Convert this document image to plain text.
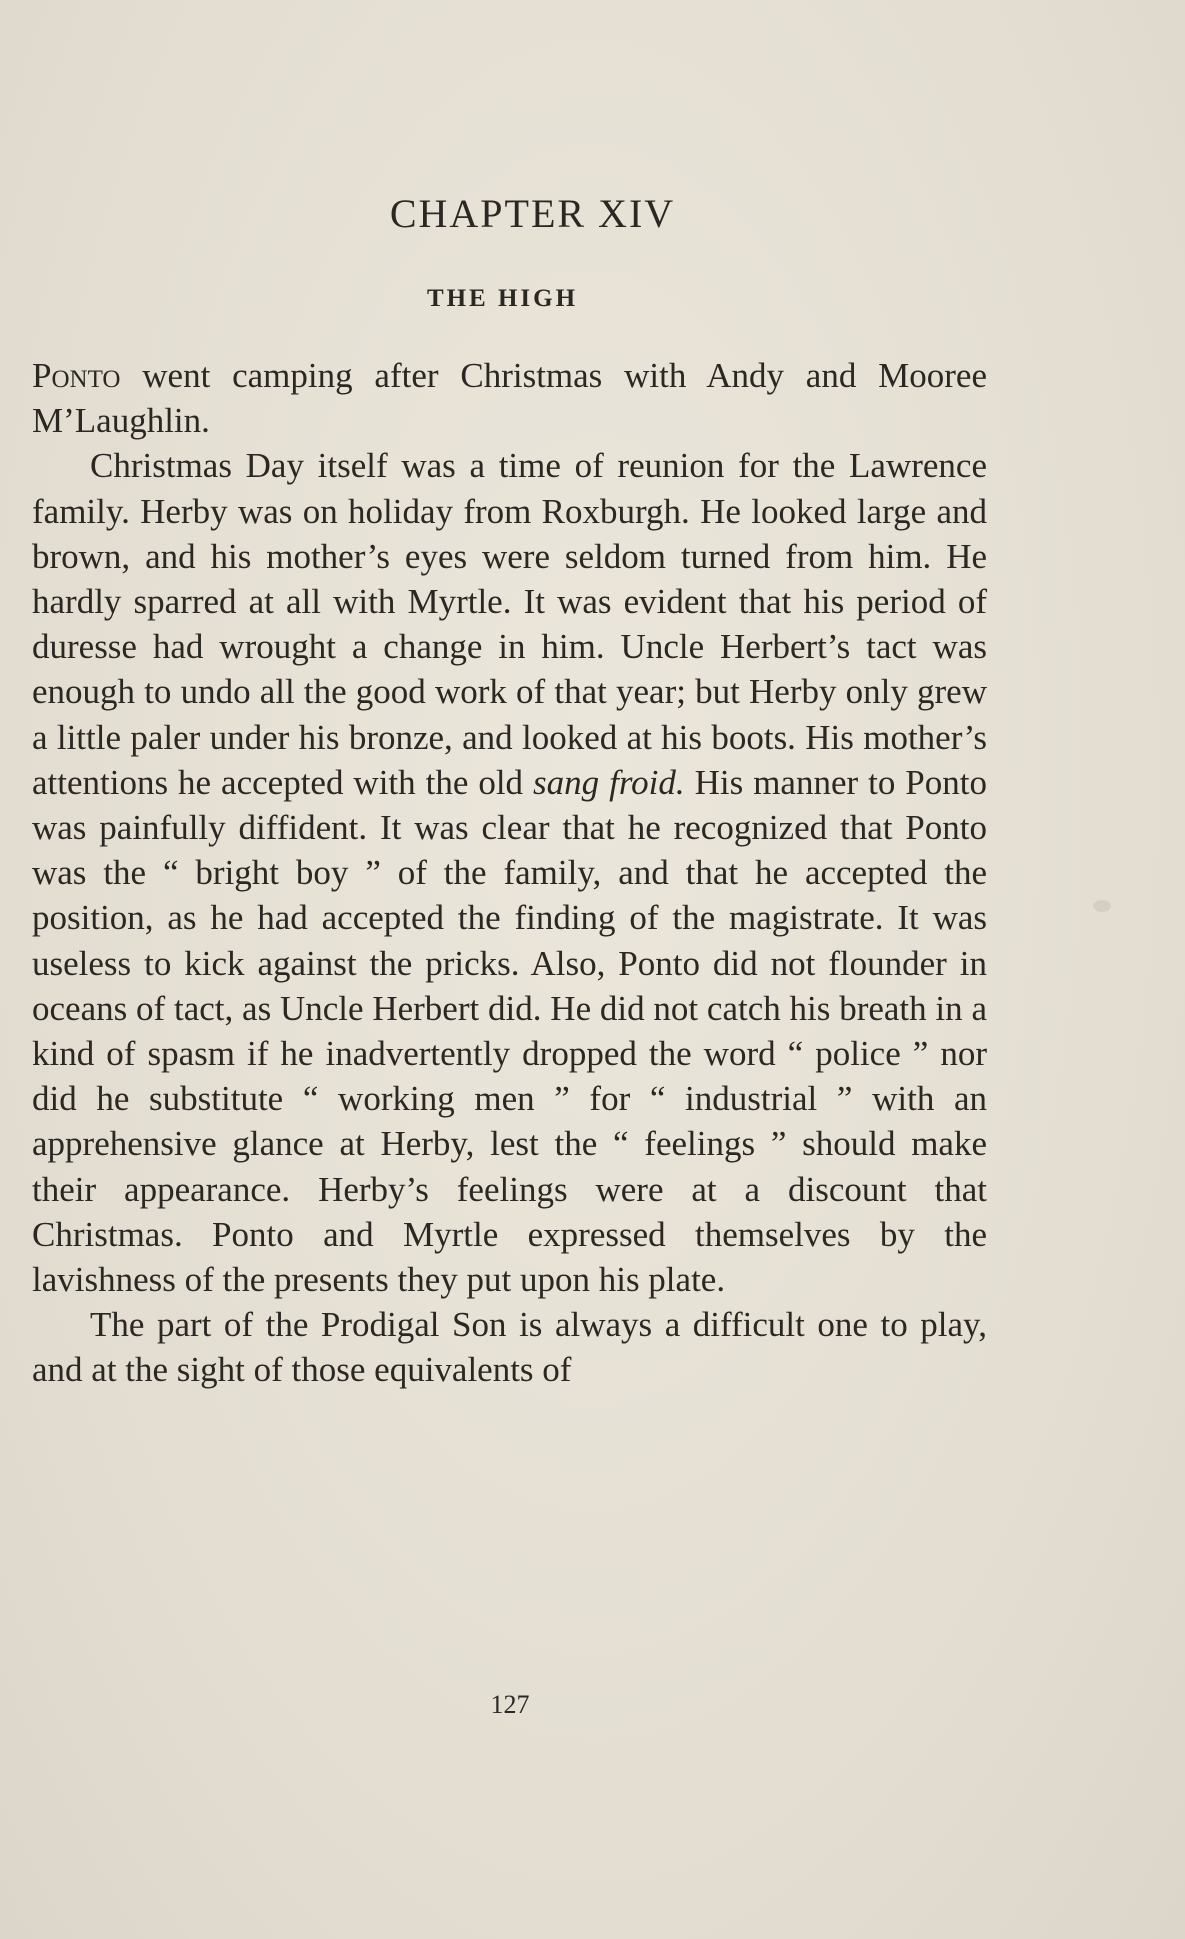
CHAPTER XIV
THE HIGH

Ponto went camping after Christmas with Andy and Mooree M’Laughlin.

Christmas Day itself was a time of reunion for the Lawrence family. Herby was on holiday from Roxburgh. He looked large and brown, and his mother’s eyes were seldom turned from him. He hardly sparred at all with Myrtle. It was evident that his period of duresse had wrought a change in him. Uncle Herbert’s tact was enough to undo all the good work of that year; but Herby only grew a little paler under his bronze, and looked at his boots. His mother’s attentions he accepted with the old sang froid. His manner to Ponto was painfully diffident. It was clear that he recognized that Ponto was the “ bright boy ” of the family, and that he accepted the position, as he had accepted the finding of the magistrate. It was useless to kick against the pricks. Also, Ponto did not flounder in oceans of tact, as Uncle Herbert did. He did not catch his breath in a kind of spasm if he inadvertently dropped the word “ police ” nor did he substitute “ working men ” for “ industrial ” with an apprehensive glance at Herby, lest the “ feelings ” should make their appearance. Herby’s feelings were at a discount that Christmas. Ponto and Myrtle expressed themselves by the lavishness of the presents they put upon his plate.

The part of the Prodigal Son is always a difficult one to play, and at the sight of those equivalents of

127
